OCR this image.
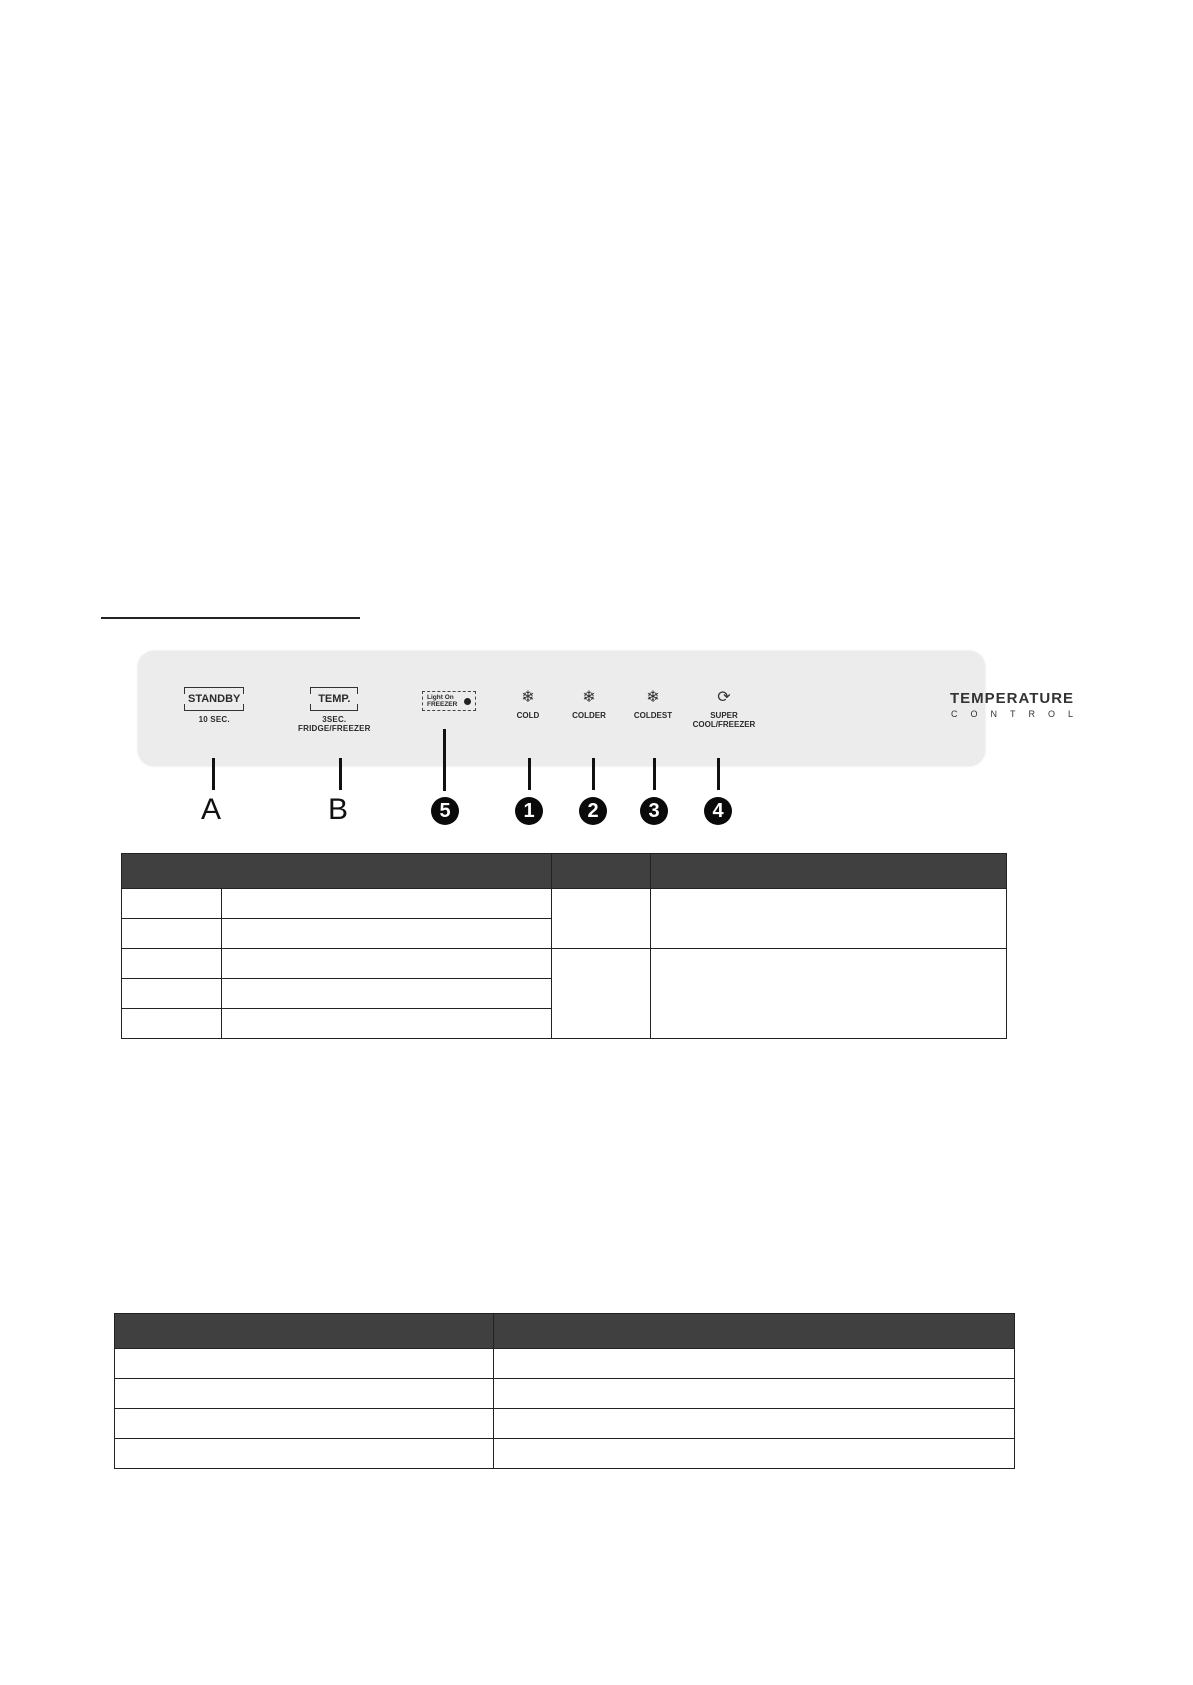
STANDBY
10 SEC.
TEMP.
3SEC.
FRIDGE/FREEZER
Light On
FREEZER	❄
COLD
❄
COLDER
❄
COLDEST
⟳
SUPER
COOL/FREEZER
TEMPERATURE
CONTROL
A	B	5	1	2	3	4
